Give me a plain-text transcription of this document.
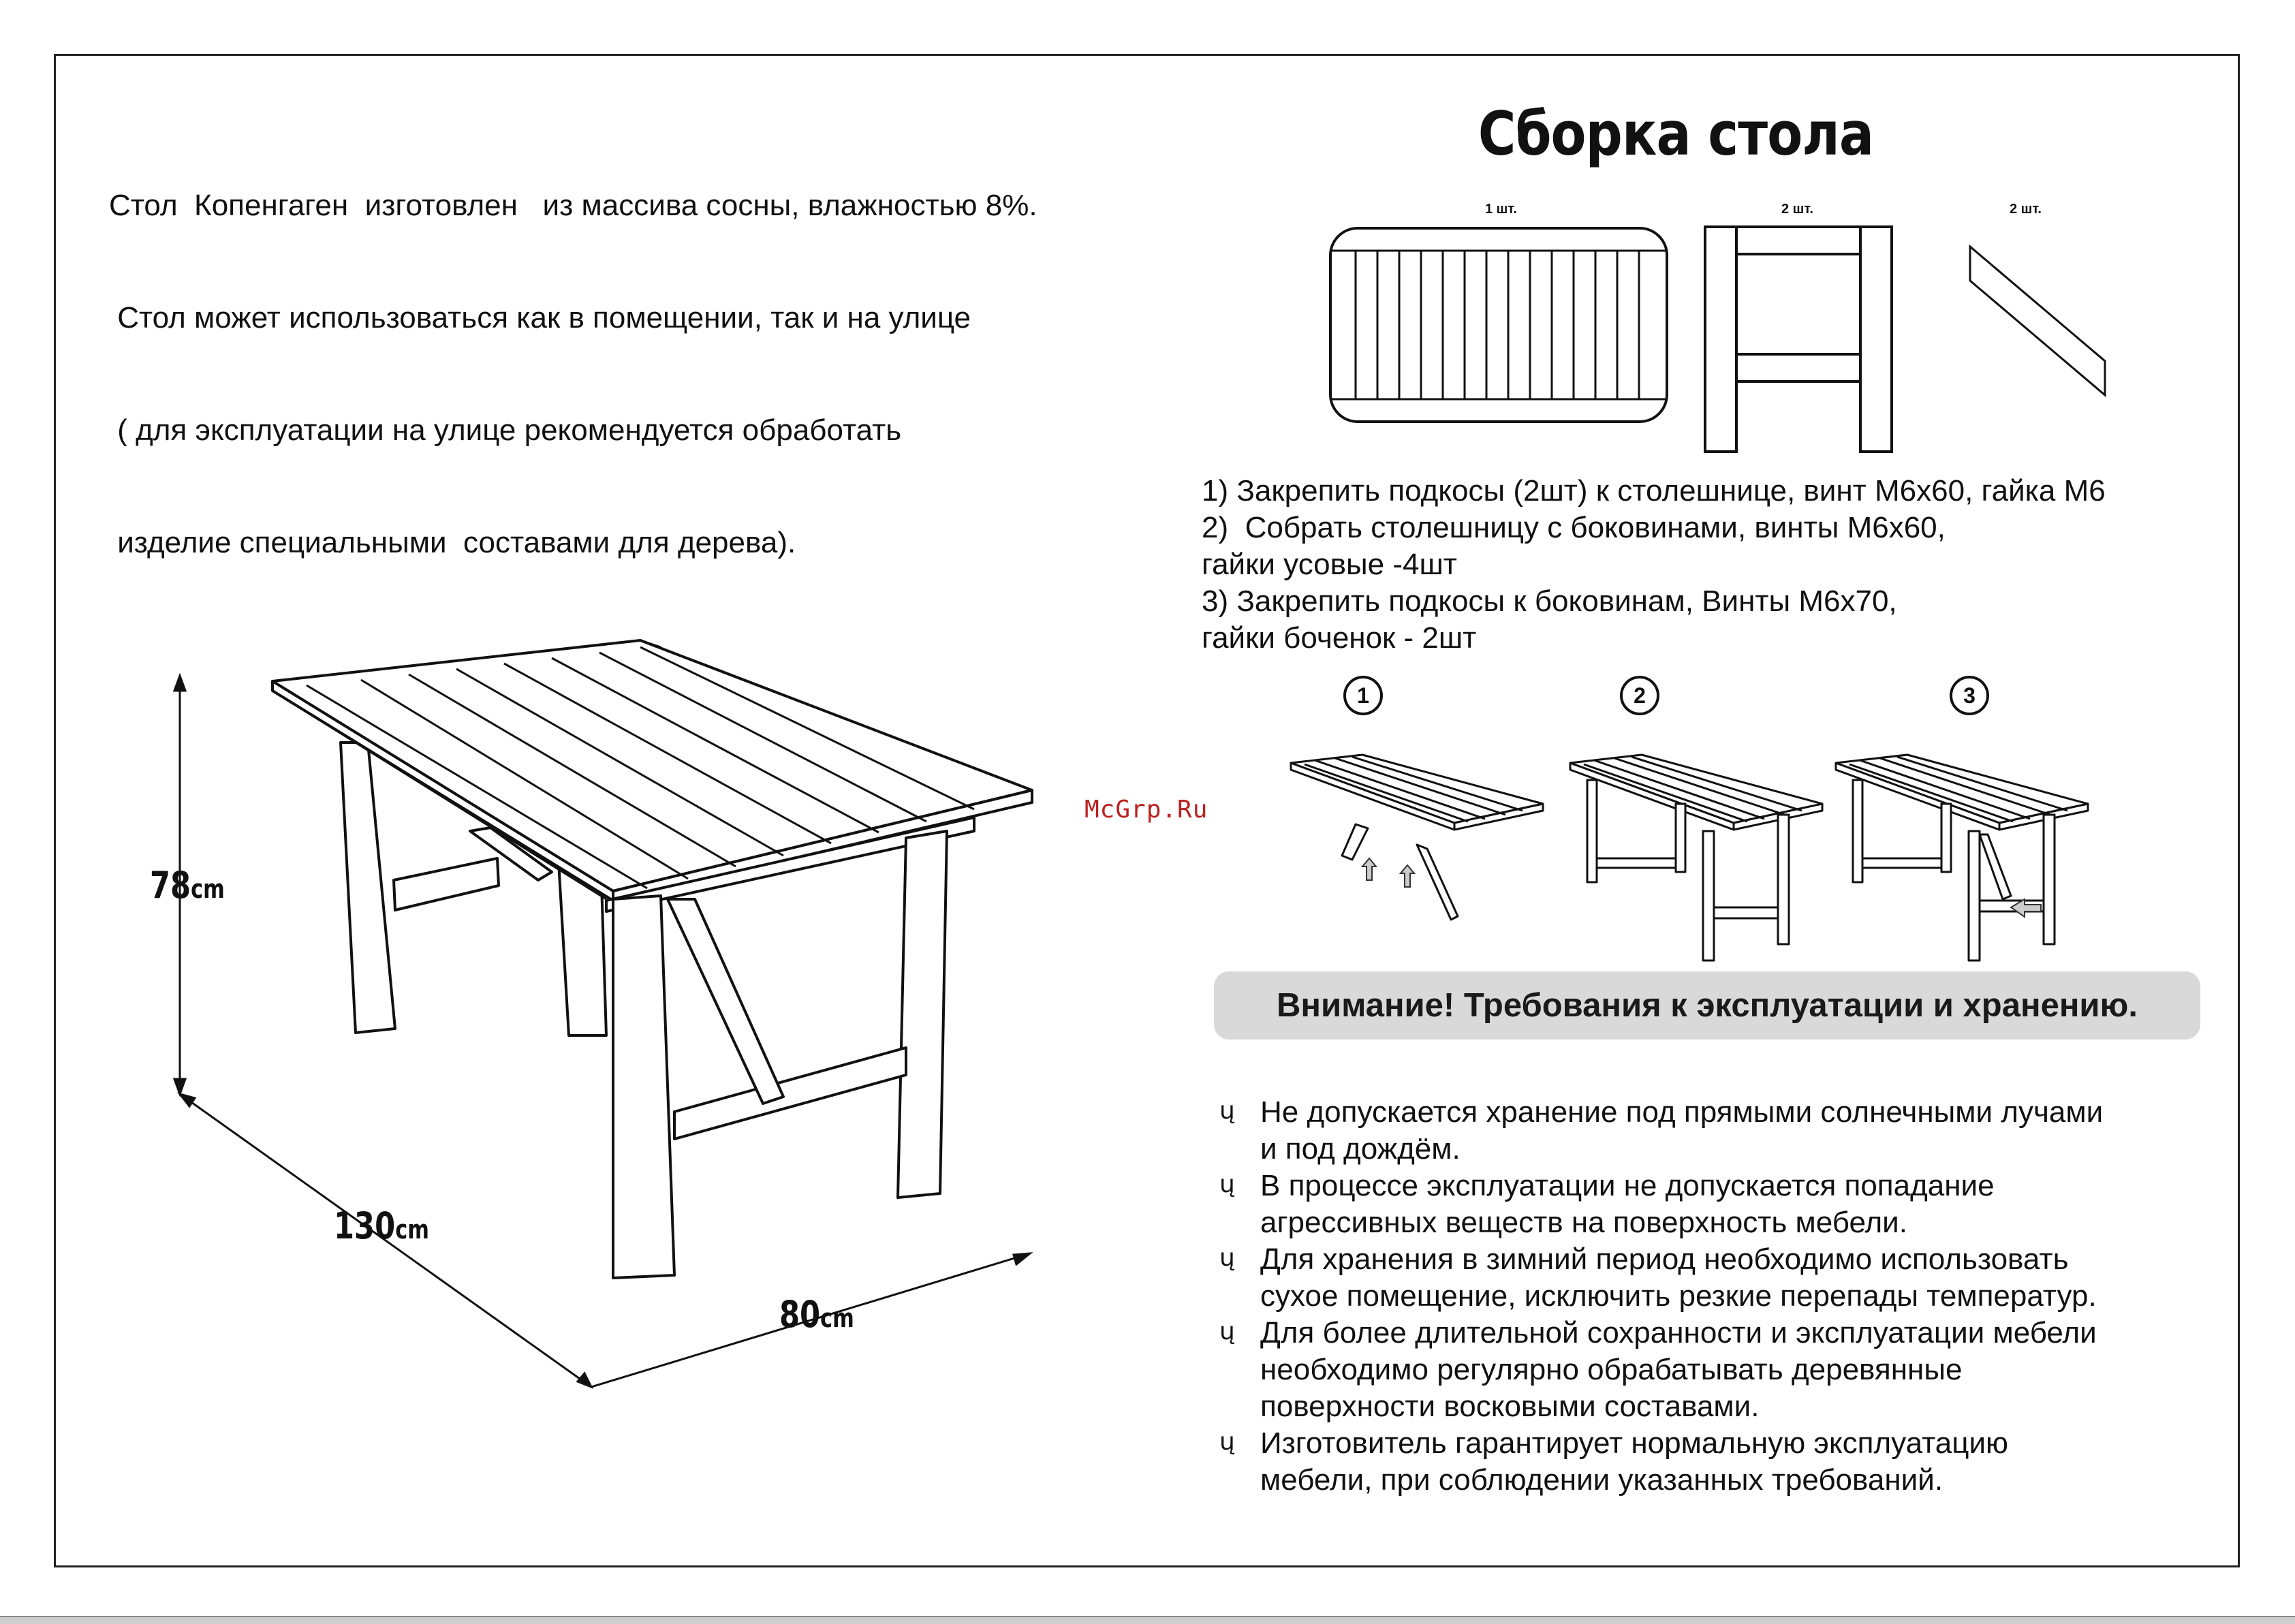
Стол  Копенгаген  изготовлен   из массива сосны, влажностью 8%.

Стол может использоваться как в помещении, так и на улице

( для эксплуатации на улице рекомендуется обработать

изделие специальными  составами для дерева).

Сборка стола
1 шт.	2 шт.	2 шт.
1) Закрепить подкосы (2шт) к столешнице, винт М6х60, гайка М6
2)  Собрать столешницу с боковинами, винты М6х60,
гайки усовые -4шт
3) Закрепить подкосы к боковинам, Винты М6х70,
гайки боченок - 2шт
1	2	3
McGrp.Ru
78cm
130cm
80cm
Внимание! Требования к эксплуатации и хранению.
ų Не допускается хранение под прямыми солнечными лучами
и под дождём.
ų В процессе эксплуатации не допускается попадание
агрессивных веществ на поверхность мебели.
ų Для хранения в зимний период необходимо использовать
сухое помещение, исключить резкие перепады температур.
ų Для более длительной сохранности и эксплуатации мебели
необходимо регулярно обрабатывать деревянные
поверхности восковыми составами.
ų Изготовитель гарантирует нормальную эксплуатацию
мебели, при соблюдении указанных требований.
